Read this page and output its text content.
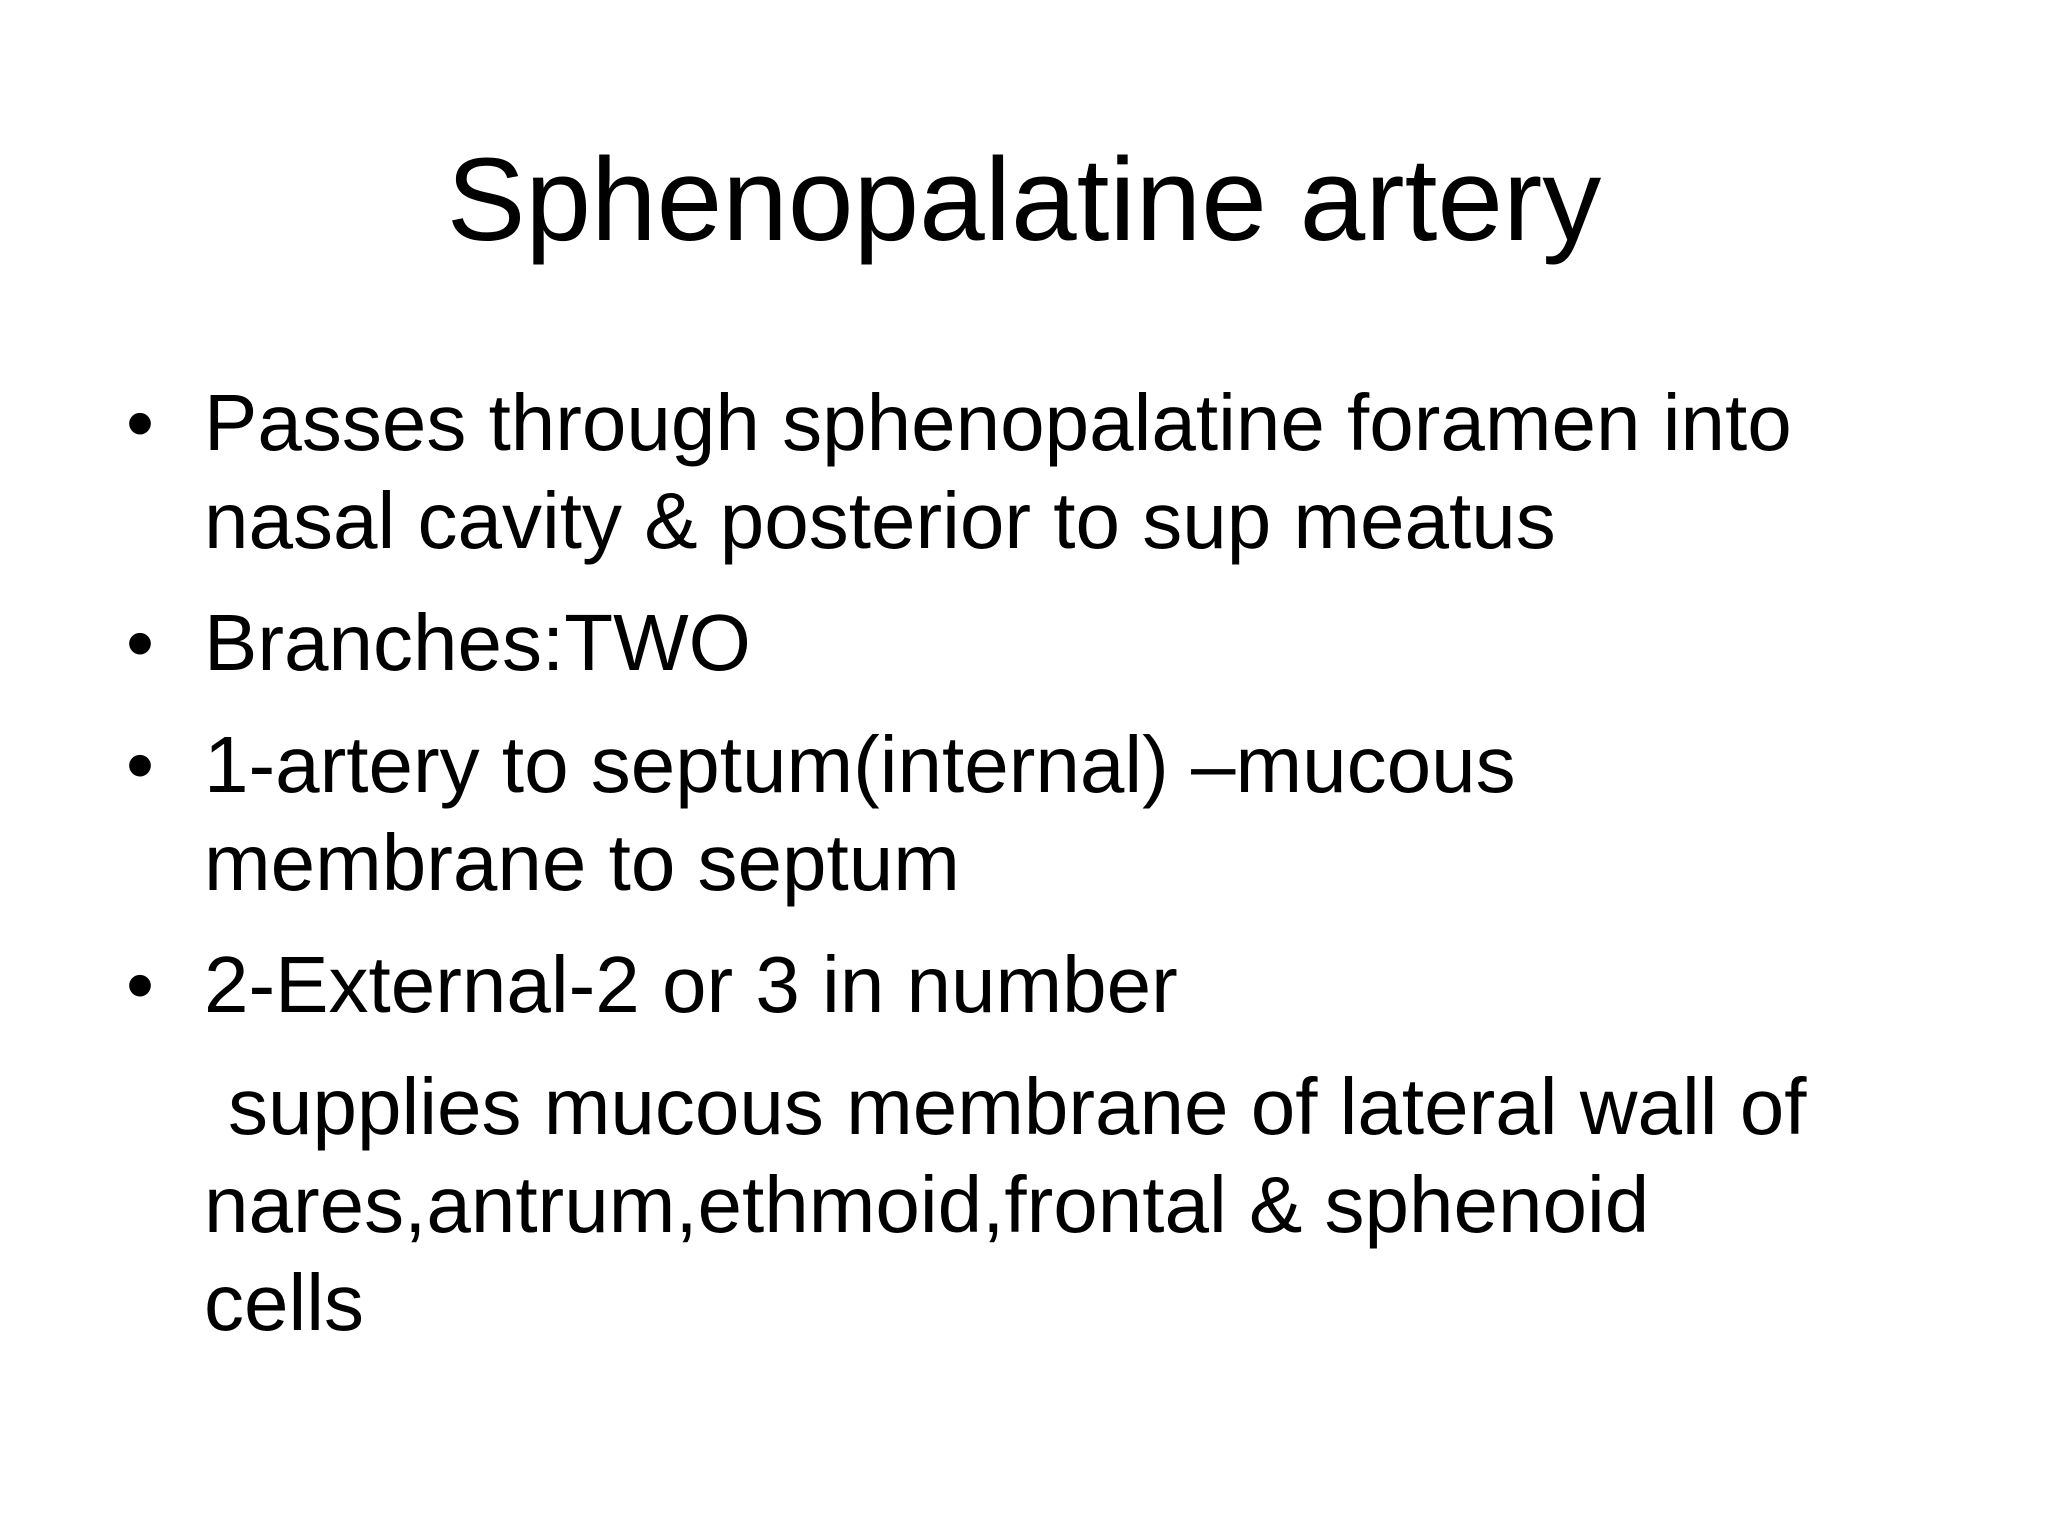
Sphenopalatine artery
• Passes through sphenopalatine foramen into
nasal cavity & posterior to sup meatus
• Branches:TWO
• 1-artery to septum(internal) –mucous
membrane to septum
• 2-External-2 or 3 in number
supplies mucous membrane of lateral wall of
nares,antrum,ethmoid,frontal & sphenoid
cells
